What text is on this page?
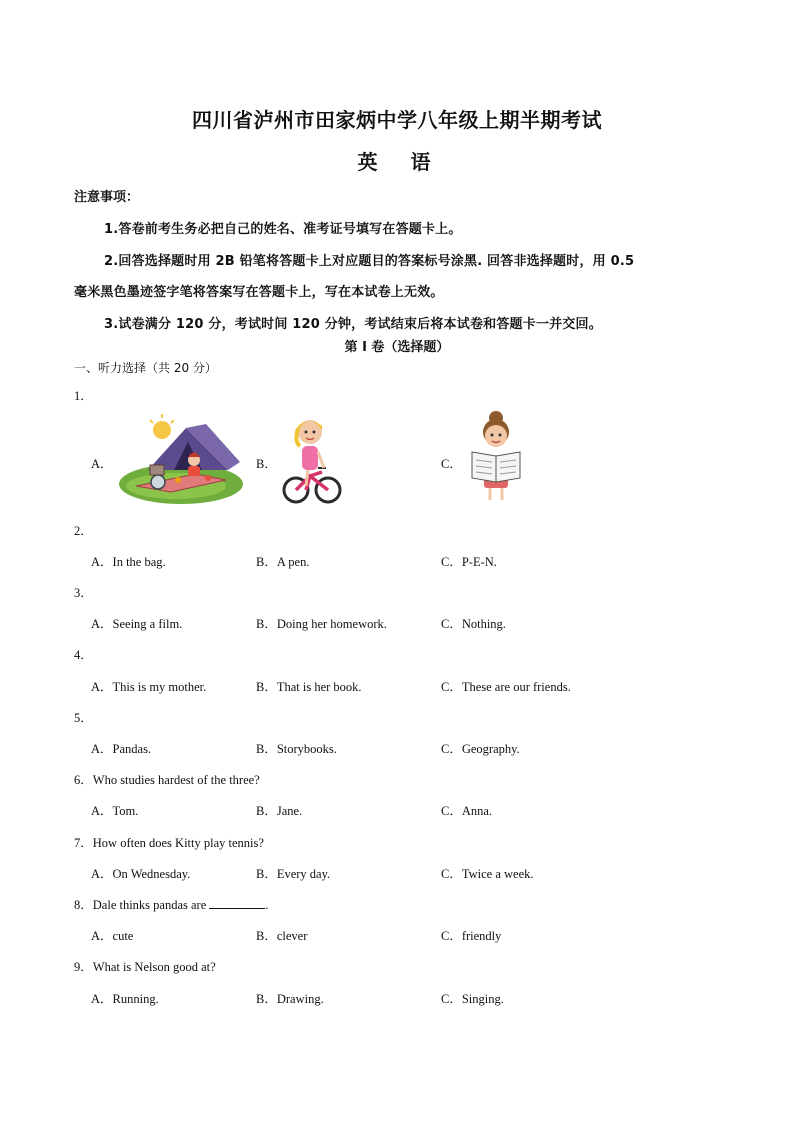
四川省泸州市田家炳中学八年级上期半期考试
英 语
注意事项：
1.答卷前考生务必把自己的姓名、准考证号填写在答题卡上。
2.回答选择题时用 2B 铅笔将答题卡上对应题目的答案标号涂黑. 回答非选择题时，用 0.5
毫米黑色墨迹签字笔将答案写在答题卡上，写在本试卷上无效。
3.试卷满分 120 分，考试时间 120 分钟，考试结束后将本试卷和答题卡一并交回。
第 I 卷（选择题）
一、听力选择（共 20 分）
1．
A．	B．	C．
2．
A．In the bag.	B．A pen.	C．P-E-N.
3．
A．Seeing a film.	B．Doing her homework.	C．Nothing.
4．
A．This is my mother.	B．That is her book.	C．These are our friends.
5．
A．Pandas.	B．Storybooks.	C．Geography.
6．Who studies hardest of the three?
A．Tom.	B．Jane.	C．Anna.
7．How often does Kitty play tennis?
A．On Wednesday.	B．Every day.	C．Twice a week.
8．Dale thinks pandas are	.
A．cute	B．clever	C．friendly
9．What is Nelson good at?
A．Running.	B．Drawing.	C．Singing.
